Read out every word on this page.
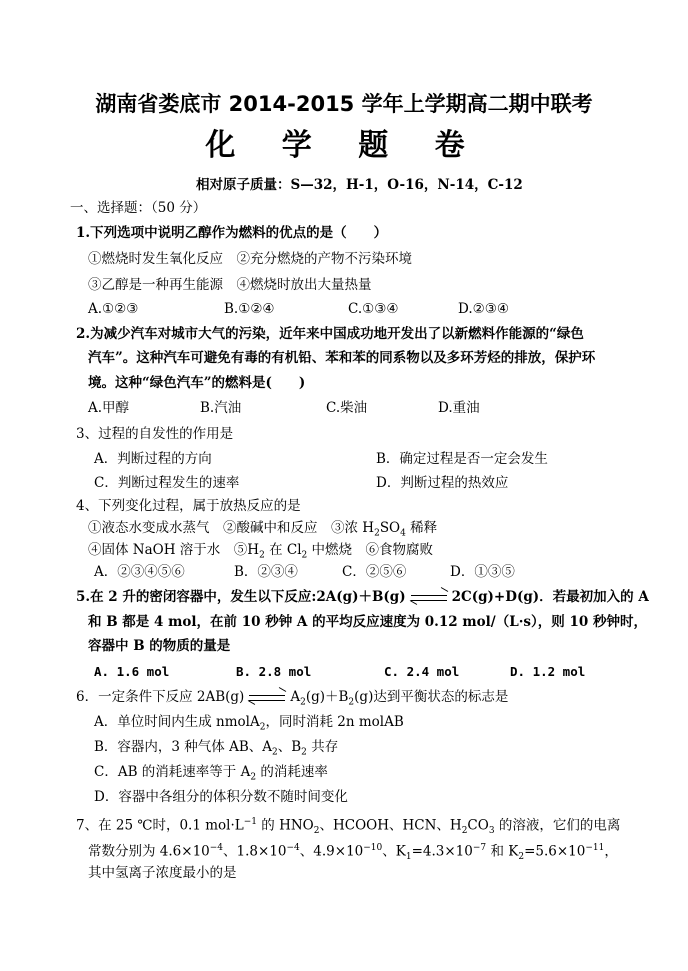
湖南省娄底市 2014-2015 学年上学期高二期中联考
化 学 题 卷
相对原子质量：S—32，H-1，O-16，N-14，C-12
一、选择题：（50 分）
1.下列选项中说明乙醇作为燃料的优点的是（　　）
①燃烧时发生氧化反应　②充分燃烧的产物不污染环境
③乙醇是一种再生能源　④燃烧时放出大量热量
A.①②③	B.①②④	C.①③④	D.②③④
2.为减少汽车对城市大气的污染，近年来中国成功地开发出了以新燃料作能源的“绿色
汽车”。这种汽车可避免有毒的有机铅、苯和苯的同系物以及多环芳烃的排放，保护环
境。这种“绿色汽车”的燃料是(　　)
A.甲醇	B.汽油	C.柴油	D.重油
3、过程的自发性的作用是
A．判断过程的方向	B．确定过程是否一定会发生
C．判断过程发生的速率	D．判断过程的热效应
4、下列变化过程，属于放热反应的是
①液态水变成水蒸气　②酸碱中和反应　③浓 $H_2SO_4$ 稀释
④固体 NaOH 溶于水　$⑤H_2$ 在 $Cl_2$ 中燃烧　⑥食物腐败
A．②③④⑤⑥	B．②③④	C．②⑤⑥	D．①③⑤
5.在 2 升的密闭容器中，发生以下反应:2A(g)＋B(g)	2C(g)+D(g)．若最初加入的 A
和 B 都是 4 mol，在前 10 秒钟 A 的平均反应速度为 0.12 mol/（L·s），则 10 秒钟时，
容器中 B 的物质的量是
A. 1.6 mol	B. 2.8 mol	C. 2.4 mol	D. 1.2 mol
6．一定条件下反应 2AB(g)	$A_2(g)+B_2(g)$达到平衡状态的标志是
A．单位时间内生成 nmolA$_2$，同时消耗 2n molAB
B．容器内，3 种气体 AB、$A_2$、$B_2$ 共存
C．AB 的消耗速率等于 $A_2$ 的消耗速率
D．容器中各组分的体积分数不随时间变化
7、在 25 ℃时，0.1 $mol\cdot L^{-1}$ 的 $HNO_2$、HCOOH、HCN、$H_2CO_3$ 的溶液，它们的电离
常数分别为 $4.6\times 10^{-4}$、$1.8\times 10^{-4}$、$4.9\times 10^{-10}$、$K_1=4.3\times 10^{-7}$ 和 $K_2=5.6\times 10^{-11}$，
其中氢离子浓度最小的是
